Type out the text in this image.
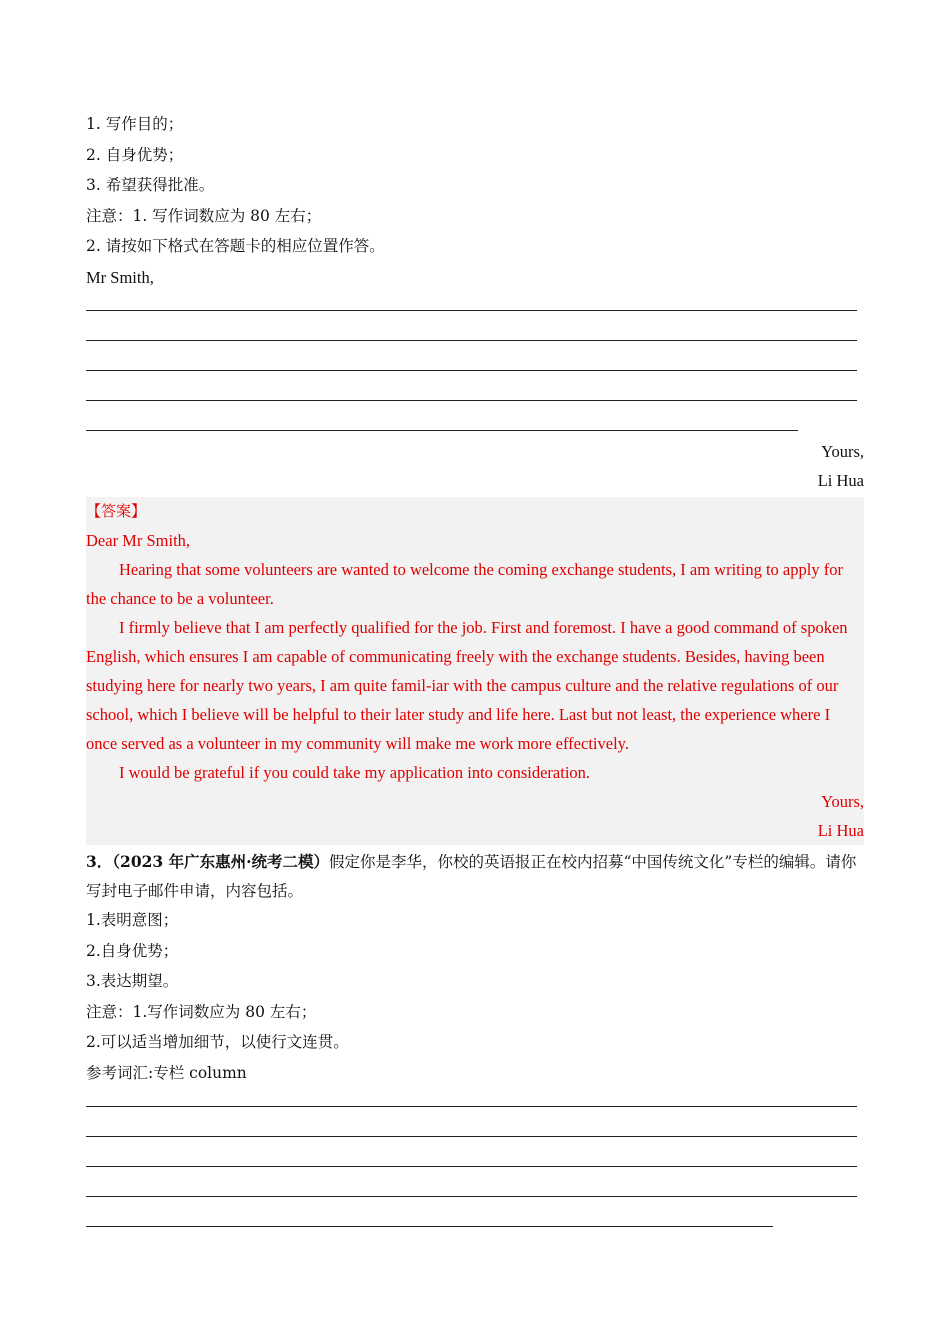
1. 写作目的；
2. 自身优势；
3. 希望获得批准。
注意：1. 写作词数应为 80 左右；
2. 请按如下格式在答题卡的相应位置作答。
Mr Smith,
Yours,
Li Hua

【答案】

Dear Mr Smith,

Hearing that some volunteers are wanted to welcome the coming exchange students, I am writing to apply for the chance to be a volunteer.

I firmly believe that I am perfectly qualified for the job. First and foremost. I have a good command of spoken English, which ensures I am capable of communicating freely with the exchange students. Besides, having been studying here for nearly two years, I am quite famil-iar with the campus culture and the relative regulations of our school, which I believe will be helpful to their later study and life here. Last but not least, the experience where I once served as a volunteer in my community will make me work more effectively.

I would be grateful if you could take my application into consideration.

Yours,

Li Hua

3．（2023 年广东惠州·统考二模）假定你是李华，你校的英语报正在校内招募“中国传统文化”专栏的编辑。请你写封电子邮件申请，内容包括。
1.表明意图；
2.自身优势；
3.表达期望。
注意：1.写作词数应为 80 左右；
2.可以适当增加细节，以使行文连贯。
参考词汇:专栏 column
